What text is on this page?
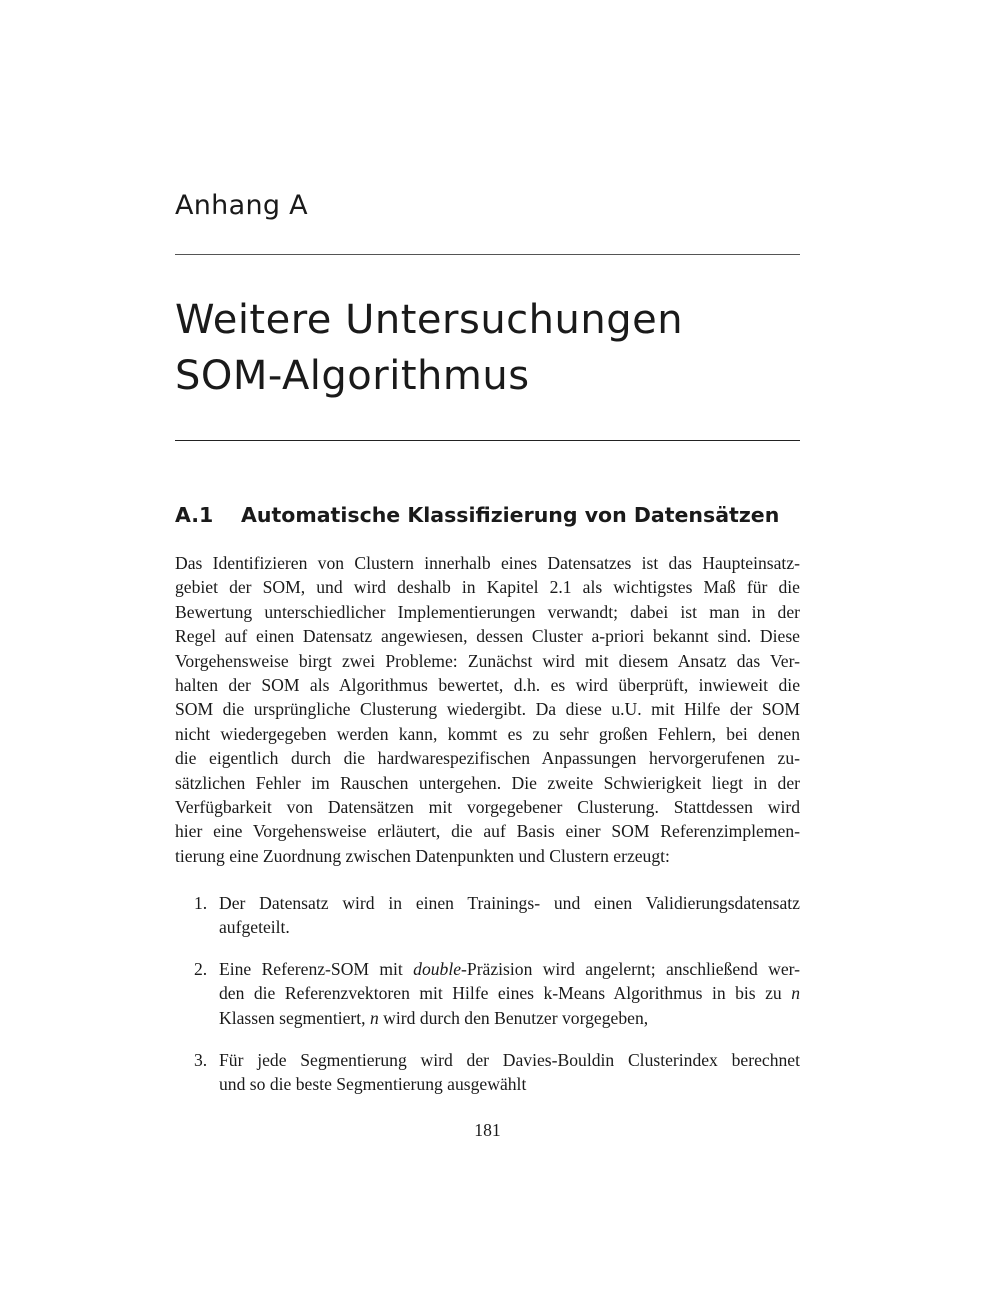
Anhang A
Weitere Untersuchungen
SOM-Algorithmus
A.1 Automatische Klassifizierung von Datensätzen

Das Identifizieren von Clustern innerhalb eines Datensatzes ist das Haupteinsatz-
gebiet der SOM, und wird deshalb in Kapitel 2.1 als wichtigstes Maß für die
Bewertung unterschiedlicher Implementierungen verwandt; dabei ist man in der
Regel auf einen Datensatz angewiesen, dessen Cluster a-priori bekannt sind. Diese
Vorgehensweise birgt zwei Probleme: Zunächst wird mit diesem Ansatz das Ver-
halten der SOM als Algorithmus bewertet, d.h. es wird überprüft, inwieweit die
SOM die ursprüngliche Clusterung wiedergibt. Da diese u.U. mit Hilfe der SOM
nicht wiedergegeben werden kann, kommt es zu sehr großen Fehlern, bei denen
die eigentlich durch die hardwarespezifischen Anpassungen hervorgerufenen zu-
sätzlichen Fehler im Rauschen untergehen. Die zweite Schwierigkeit liegt in der
Verfügbarkeit von Datensätzen mit vorgegebener Clusterung. Stattdessen wird
hier eine Vorgehensweise erläutert, die auf Basis einer SOM Referenzimplemen-
tierung eine Zuordnung zwischen Datenpunkten und Clustern erzeugt:

1. Der Datensatz wird in einen Trainings- und einen Validierungsdatensatz
aufgeteilt.
2. Eine Referenz-SOM mit double-Präzision wird angelernt; anschließend wer-
den die Referenzvektoren mit Hilfe eines k-Means Algorithmus in bis zu n
Klassen segmentiert, n wird durch den Benutzer vorgegeben,
3. Für jede Segmentierung wird der Davies-Bouldin Clusterindex berechnet
und so die beste Segmentierung ausgewählt
181
